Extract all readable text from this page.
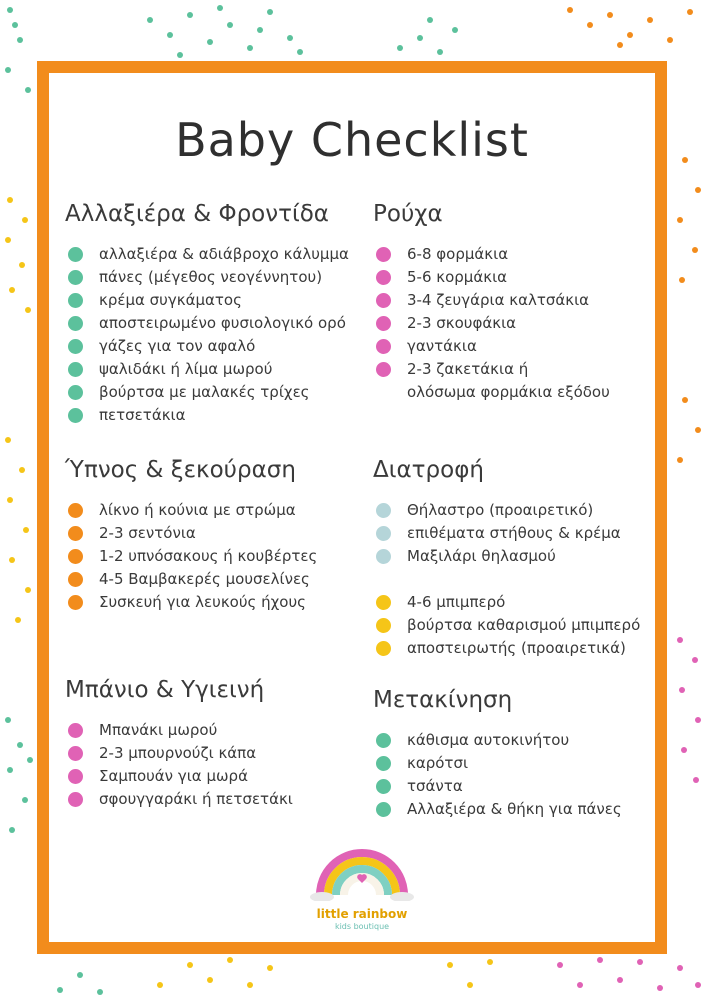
Baby Checklist
Αλλαξιέρα & Φροντίδα
αλλαξιέρα & αδιάβροχο κάλυμμα
πάνες (μέγεθος νεογέννητου)
κρέμα συγκάματος
αποστειρωμένο φυσιολογικό ορό
γάζες για τον αφαλό
ψαλιδάκι ή λίμα μωρού
βούρτσα με μαλακές τρίχες
πετσετάκια
Ύπνος & ξεκούραση
λίκνο ή κούνια με στρώμα
2-3 σεντόνια
1-2 υπνόσακους ή κουβέρτες
4-5 Βαμβακερές μουσελίνες
Συσκευή για λευκούς ήχους
Μπάνιο & Υγιεινή
Μπανάκι μωρού
2-3 μπουρνούζι κάπα
Σαμπουάν για μωρά
σφουγγαράκι ή πετσετάκι
Ρούχα
6-8 φορμάκια
5-6 κορμάκια
3-4 ζευγάρια καλτσάκια
2-3 σκουφάκια
γαντάκια
2-3 ζακετάκια ή
ολόσωμα φορμάκια εξόδου
Διατροφή
Θήλαστρο (προαιρετικό)
επιθέματα στήθους & κρέμα
Μαξιλάρι θηλασμού
4-6 μπιμπερό
βούρτσα καθαρισμού μπιμπερό
αποστειρωτής (προαιρετικά)
Μετακίνηση
κάθισμα αυτοκινήτου
καρότσι
τσάντα
Αλλαξιέρα & θήκη για πάνες
little rainbow
kids boutique
